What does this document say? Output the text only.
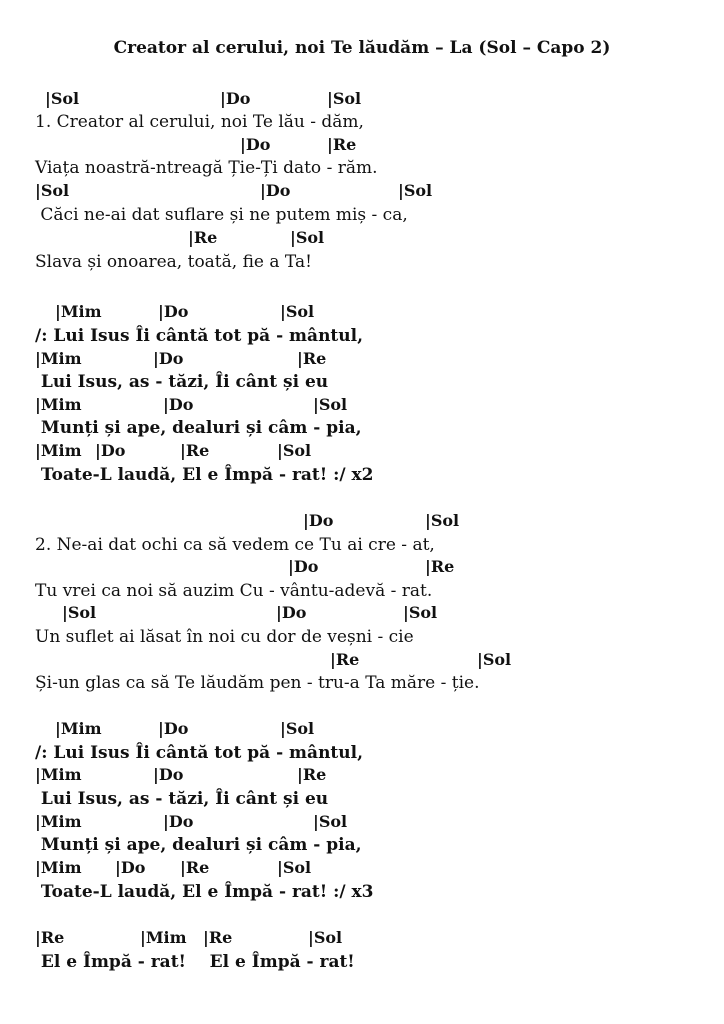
Creator al cerului, noi Te lăudăm – La (Sol – Capo 2)
|Sol	|Do	|Sol
1. Creator al cerului, noi Te lău - dăm,
|Do	|Re
Viața noastră-ntreagă Ție-Ți dato - răm.
|Sol	|Do	|Sol
Căci ne-ai dat suflare și ne putem miș - ca,
|Re	|Sol
Slava și onoarea, toată, fie a Ta!
|Mim	|Do	|Sol
/: Lui Isus Îi cântă tot pă - mântul,
|Mim	|Do	|Re
Lui Isus, as - tăzi, Îi cânt și eu
|Mim	|Do	|Sol
Munți și ape, dealuri și câm - pia,
|Mim |Do	|Re	|Sol
Toate-L laudă, El e Împă - rat! :/ x2
|Do	|Sol
2. Ne-ai dat ochi ca să vedem ce Tu ai cre - at,
|Do	|Re
Tu vrei ca noi să auzim Cu - vântu-adevă - rat.
|Sol	|Do	|Sol
Un suflet ai lăsat în noi cu dor de veșni - cie
|Re	|Sol
Și-un glas ca să Te lăudăm pen - tru-a Ta măre - ție.
|Mim	|Do	|Sol
/: Lui Isus Îi cântă tot pă - mântul,
|Mim	|Do	|Re
Lui Isus, as - tăzi, Îi cânt și eu
|Mim	|Do	|Sol
Munți și ape, dealuri și câm - pia,
|Mim |Do |Re	|Sol
Toate-L laudă, El e Împă - rat! :/ x3
|Re	|Mim |Re	|Sol
El e Împă - rat!    El e Împă - rat!
